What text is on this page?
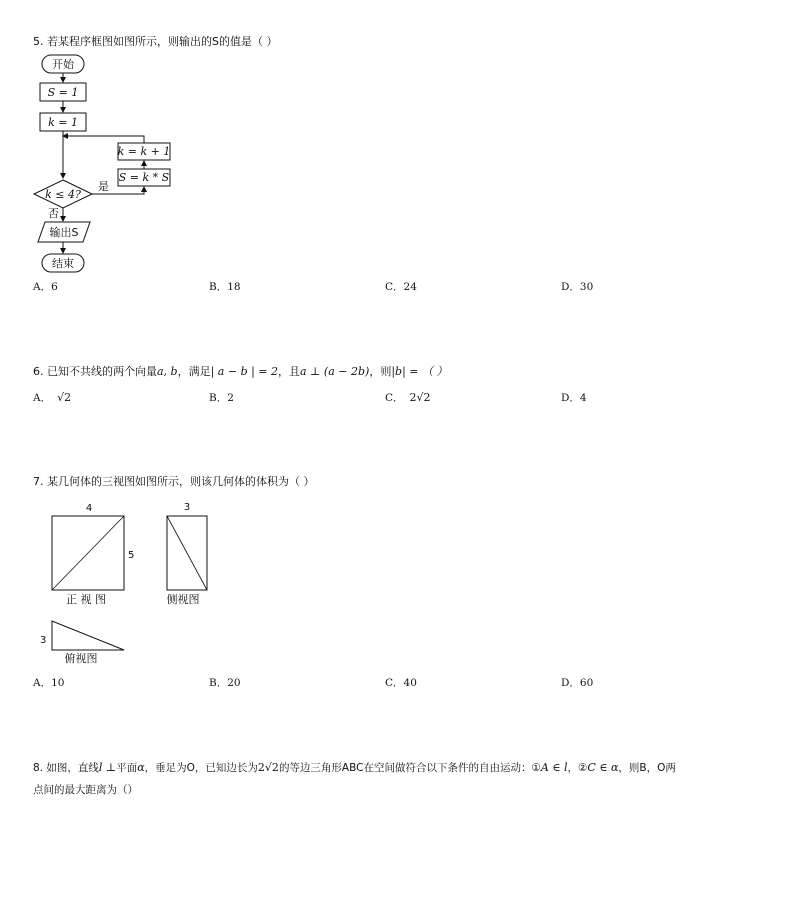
5. 若某程序框图如图所示，则输出的S的值是（ ）
开始
S = 1
k = 1
k = k + 1
S = k * S
k ≤ 4?
是
否
输出S
结束
A．6	B．18	C．24	D．30
6. 已知不共线的两个向量a, b，满足| a − b | = 2，且a ⊥ (a − 2b)，则|b| = （ ）
A． √2	B．2	C． 2√2	D．4
7. 某几何体的三视图如图所示，则该几何体的体积为（ ）
4
5
正 视 图
3
侧视图
3
俯视图
A．10	B．20	C．40	D．60
8. 如图，直线l ⊥平面α，垂足为O，已知边长为2√2的等边三角形ABC在空间做符合以下条件的自由运动：①A ∈ l，②C ∈ α，则B，O两
点间的最大距离为（）
